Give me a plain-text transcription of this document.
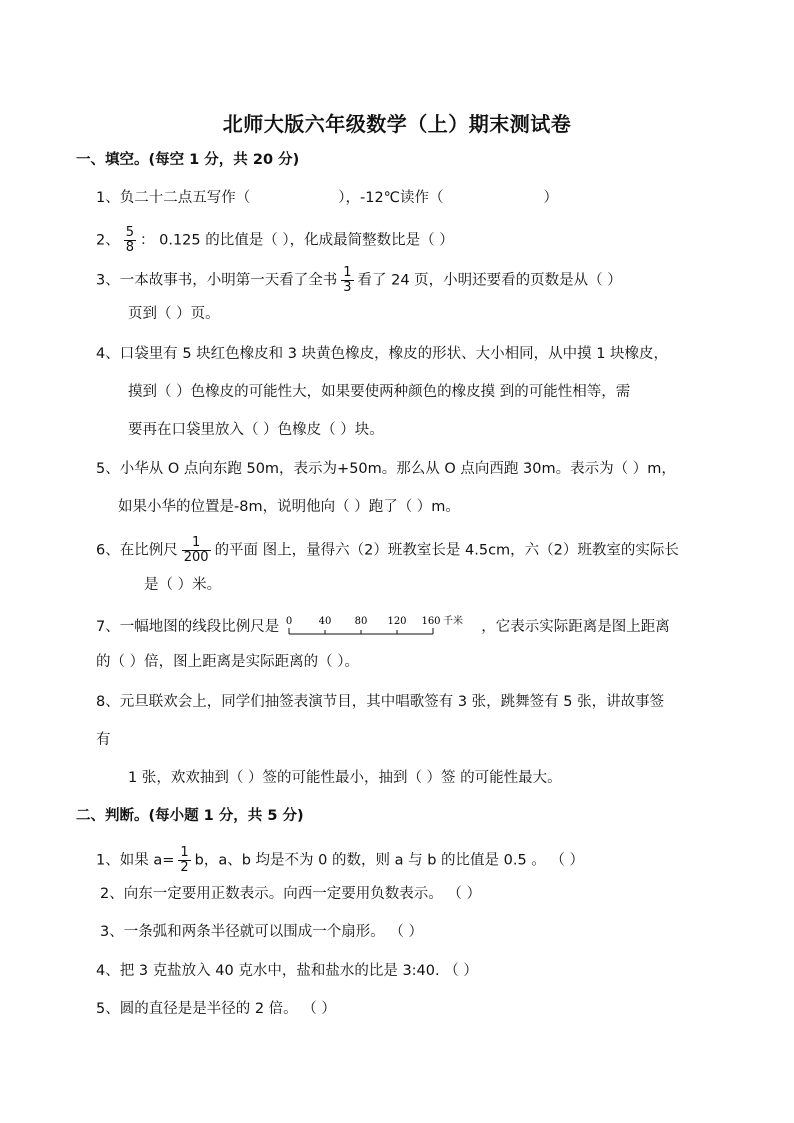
北师大版六年级数学（上）期末测试卷
一、填空。(每空 1 分，共 20 分)
1、负二十二点五写作（	），-12℃读作（	）
2、 $\frac{5}{8}$ ： 0.125 的比值是（ ），化成最简整数比是（ ）
3、一本故事书，小明第一天看了全书 $\frac{1}{3}$ 看了 24 页，小明还要看的页数是从（ ）
页到（ ）页。
4、口袋里有 5 块红色橡皮和 3 块黄色橡皮，橡皮的形状、大小相同，从中摸 1 块橡皮，
摸到（ ）色橡皮的可能性大，如果要使两种颜色的橡皮摸 到的可能性相等，需
要再在口袋里放入（ ）色橡皮（ ）块。
5、小华从 O 点向东跑 50m，表示为+50m。那么从 O 点向西跑 30m。表示为（ ）m，
如果小华的位置是-8m，说明他向（ ）跑了（ ）m。
6、在比例尺 $\frac{1}{200}$ 的平面 图上，量得六（2）班教室长是 4.5cm，六（2）班教室的实际长
是（ ）米。
7、一幅地图的线段比例尺是 0	40 80 120 160 千米 ，它表示实际距离是图上距离
的（ ）倍，图上距离是实际距离的（ ）。
8、元旦联欢会上，同学们抽签表演节目，其中唱歌签有 3 张，跳舞签有 5 张，讲故事签
有
1 张，欢欢抽到（ ）签的可能性最小，抽到（ ）签 的可能性最大。
二、判断。(每小题 1 分，共 5 分)
1、如果 $a= \frac{1}{2}$ b，a、b 均是不为 0 的数，则 a 与 b 的比值是 0.5 。 （ ）
2、向东一定要用正数表示。向西一定要用负数表示。 （ ）
3、一条弧和两条半径就可以围成一个扇形。 （ ）
4、把 3 克盐放入 40 克水中，盐和盐水的比是 3:40. （ ）
5、圆的直径是是半径的 2 倍。 （ ）
